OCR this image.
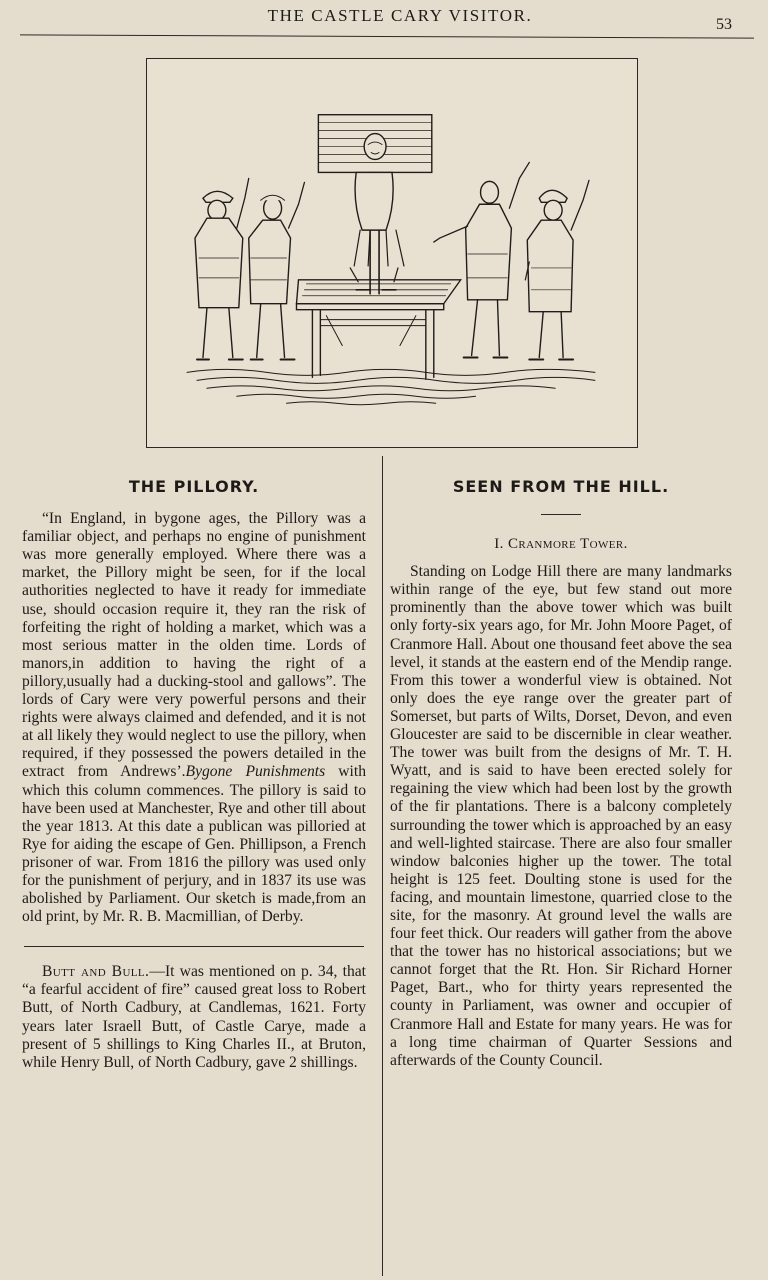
THE CASTLE CARY VISITOR.	53
THE PILLORY.

“In England, in bygone ages, the Pillory was a familiar object, and perhaps no engine of punishment was more generally employed. Where there was a market, the Pillory might be seen, for if the local authorities neglected to have it ready for immediate use, should occasion require it, they ran the risk of forfeiting the right of holding a market, which was a most serious matter in the olden time. Lords of manors,in addition to having the right of a pillory,usually had a ducking-stool and gallows”. The lords of Cary were very powerful persons and their rights were always claimed and defended, and it is not at all likely they would neglect to use the pillory, when required, if they possessed the powers detailed in the extract from Andrews’.Bygone Punishments with which this column commences. The pillory is said to have been used at Manchester, Rye and other till about the year 1813. At this date a publican was pilloried at Rye for aiding the escape of Gen. Phillipson, a French prisoner of war. From 1816 the pillory was used only for the punishment of perjury, and in 1837 its use was abolished by Parliament. Our sketch is made,from an old print, by Mr. R. B. Macmillian, of Derby.

Butt and Bull.—It was mentioned on p. 34, that “a fearful accident of fire” caused great loss to Robert Butt, of North Cadbury, at Candlemas, 1621. Forty years later Israell Butt, of Castle Carye, made a present of 5 shillings to King Charles II., at Bruton, while Henry Bull, of North Cadbury, gave 2 shillings.

SEEN FROM THE HILL.

I. Cranmore Tower.

Standing on Lodge Hill there are many landmarks within range of the eye, but few stand out more prominently than the above tower which was built only forty-six years ago, for Mr. John Moore Paget, of Cranmore Hall. About one thousand feet above the sea level, it stands at the eastern end of the Mendip range. From this tower a wonderful view is obtained. Not only does the eye range over the greater part of Somerset, but parts of Wilts, Dorset, Devon, and even Gloucester are said to be discernible in clear weather. The tower was built from the designs of Mr. T. H. Wyatt, and is said to have been erected solely for regaining the view which had been lost by the growth of the fir plantations. There is a balcony completely surrounding the tower which is approached by an easy and well-lighted staircase. There are also four smaller window balconies higher up the tower. The total height is 125 feet. Doulting stone is used for the facing, and mountain limestone, quarried close to the site, for the masonry. At ground level the walls are four feet thick. Our readers will gather from the above that the tower has no historical associations; but we cannot forget that the Rt. Hon. Sir Richard Horner Paget, Bart., who for thirty years represented the county in Parliament, was owner and occupier of Cranmore Hall and Estate for many years. He was for a long time chairman of Quarter Sessions and afterwards of the County Council.
